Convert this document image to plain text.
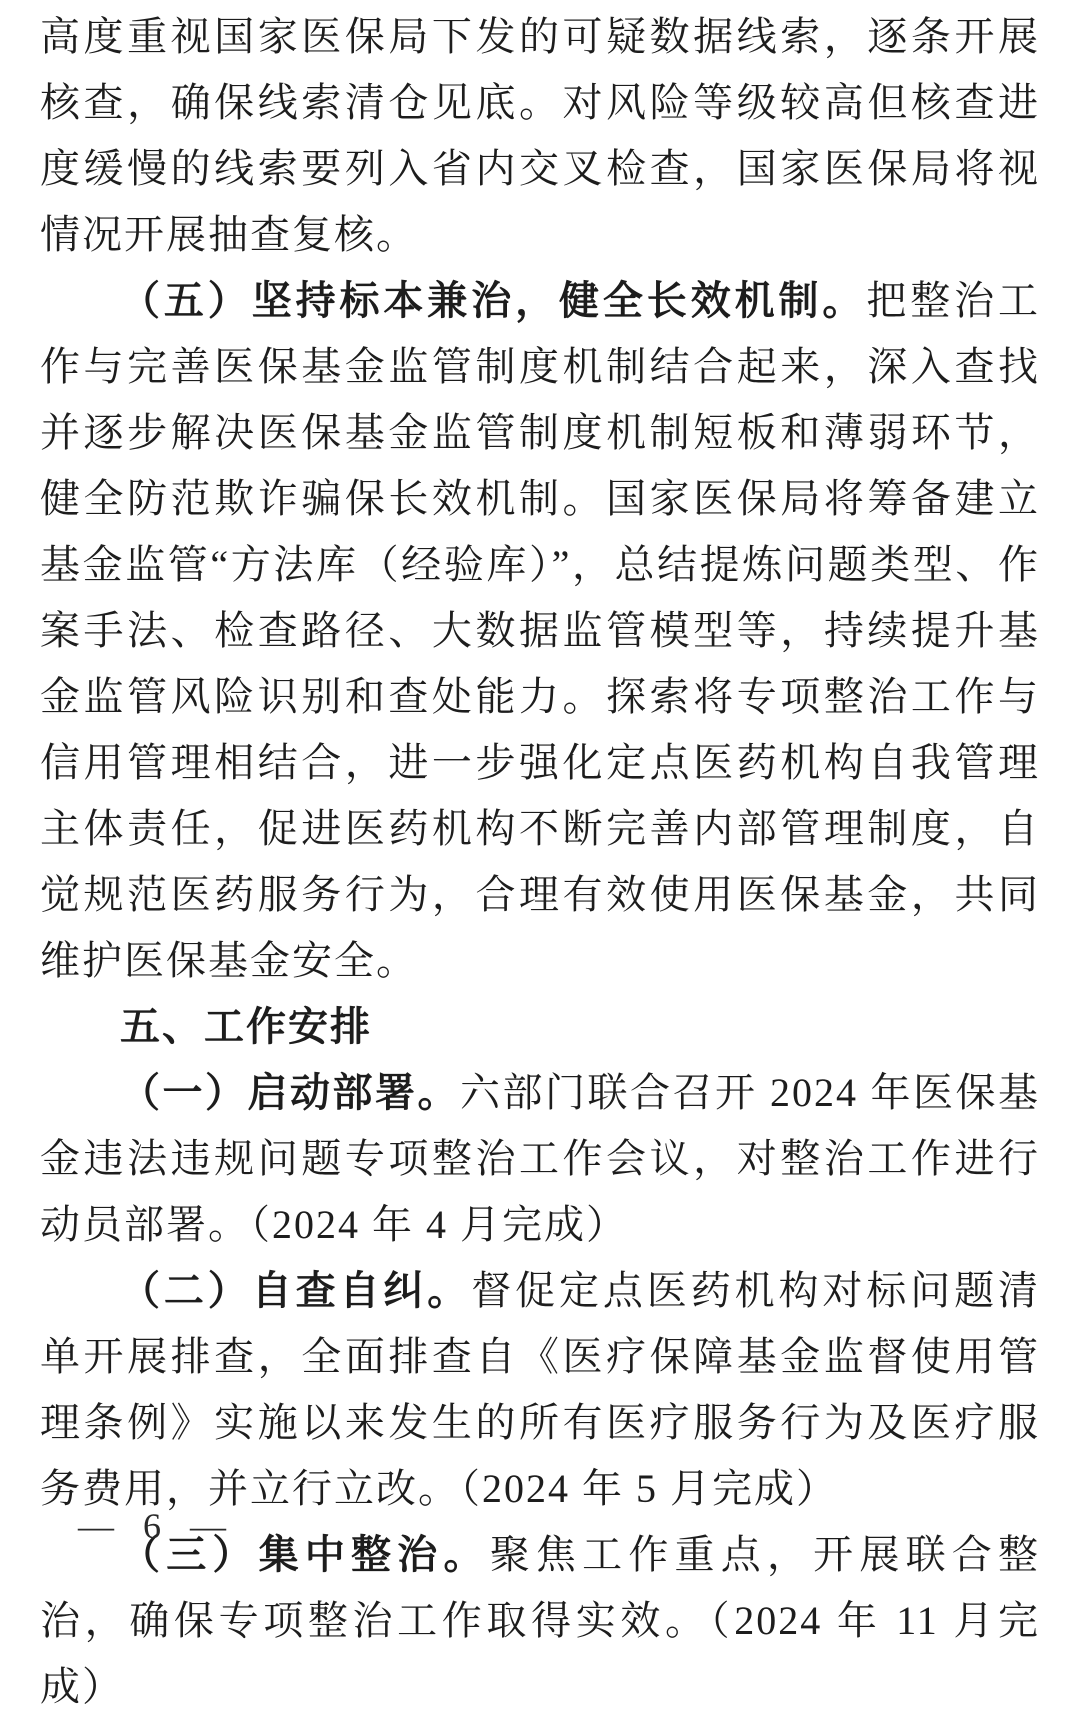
高度重视国家医保局下发的可疑数据线索，逐条开展核查，确保线索清仓见底。对风险等级较高但核查进度缓慢的线索要列入省内交叉检查，国家医保局将视情况开展抽查复核。

（五）坚持标本兼治，健全长效机制。把整治工作与完善医保基金监管制度机制结合起来，深入查找并逐步解决医保基金监管制度机制短板和薄弱环节，健全防范欺诈骗保长效机制。国家医保局将筹备建立基金监管“方法库（经验库）”，总结提炼问题类型、作案手法、检查路径、大数据监管模型等，持续提升基金监管风险识别和查处能力。探索将专项整治工作与信用管理相结合，进一步强化定点医药机构自我管理主体责任，促进医药机构不断完善内部管理制度，自觉规范医药服务行为，合理有效使用医保基金，共同维护医保基金安全。

五、工作安排

（一）启动部署。六部门联合召开 2024 年医保基金违法违规问题专项整治工作会议，对整治工作进行动员部署。（2024 年 4 月完成）

（二）自查自纠。督促定点医药机构对标问题清单开展排查，全面排查自《医疗保障基金监督使用管理条例》实施以来发生的所有医疗服务行为及医疗服务费用，并立行立改。（2024 年 5 月完成）

（三）集中整治。聚焦工作重点，开展联合整治，确保专项整治工作取得实效。（2024 年 11 月完成）

— 6 —
